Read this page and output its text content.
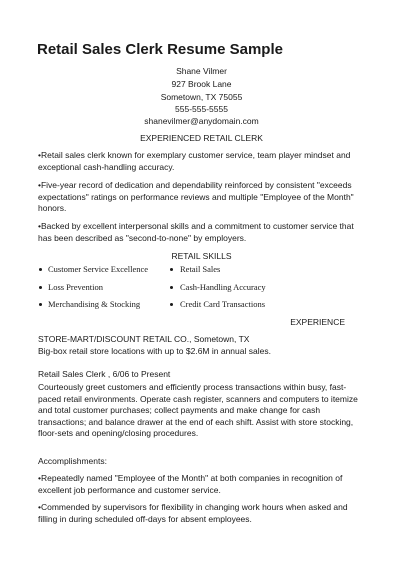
Retail Sales Clerk Resume Sample
Shane Vilmer
927 Brook Lane
Sometown, TX 75055
555-555-5555
shanevilmer@anydomain.com
EXPERIENCED RETAIL CLERK
•Retail sales clerk known for exemplary customer service, team player mindset and exceptional cash-handling accuracy.
•Five-year record of dedication and dependability reinforced by consistent "exceeds expectations" ratings on performance reviews and multiple "Employee of the Month" honors.
•Backed by excellent interpersonal skills and a commitment to customer service that has been described as "second-to-none" by employers.
RETAIL SKILLS
Customer Service Excellence
Loss Prevention
Merchandising & Stocking
Retail Sales
Cash-Handling Accuracy
Credit Card Transactions
EXPERIENCE
STORE-MART/DISCOUNT RETAIL CO., Sometown, TX
Big-box retail store locations with up to $2.6M in annual sales.
Retail Sales Clerk , 6/06 to Present
Courteously greet customers and efficiently process transactions within busy, fast-paced retail environments. Operate cash register, scanners and computers to itemize and total customer purchases; collect payments and make change for cash transactions; and balance drawer at the end of each shift. Assist with store stocking, floor-sets and opening/closing procedures.
Accomplishments:
•Repeatedly named "Employee of the Month" at both companies in recognition of excellent job performance and customer service.
•Commended by supervisors for flexibility in changing work hours when asked and filling in during scheduled off-days for absent employees.
